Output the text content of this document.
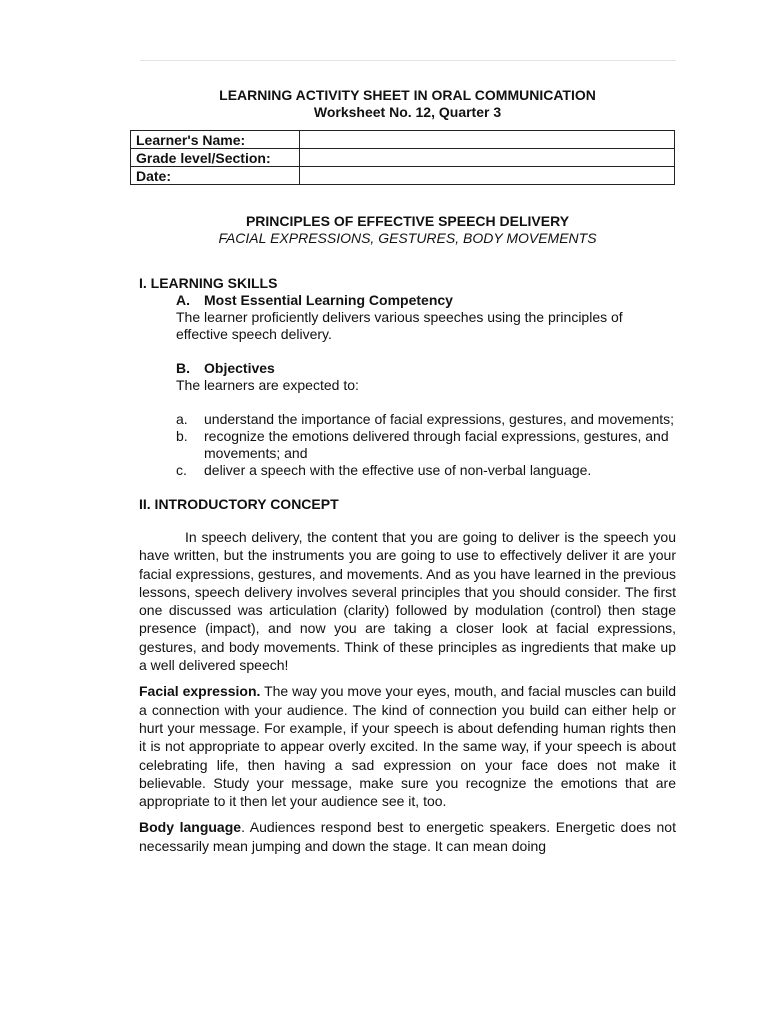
LEARNING ACTIVITY SHEET IN ORAL COMMUNICATION
Worksheet No. 12, Quarter 3
Learner's Name:	
Grade level/Section:	
Date:	
PRINCIPLES OF EFFECTIVE SPEECH DELIVERY
FACIAL EXPRESSIONS, GESTURES, BODY MOVEMENTS
I. LEARNING SKILLS
A. Most Essential Learning Competency
The learner proficiently delivers various speeches using the principles of effective speech delivery.
B. Objectives
The learners are expected to:
a.	understand the importance of facial expressions, gestures, and movements;
b.	recognize the emotions delivered through facial expressions, gestures, and movements; and
c.	deliver a speech with the effective use of non-verbal language.
II. INTRODUCTORY CONCEPT

In speech delivery, the content that you are going to deliver is the speech you have written, but the instruments you are going to use to effectively deliver it are your facial expressions, gestures, and movements. And as you have learned in the previous lessons, speech delivery involves several principles that you should consider. The first one discussed was articulation (clarity) followed by modulation (control) then stage presence (impact), and now you are taking a closer look at facial expressions, gestures, and body movements. Think of these principles as ingredients that make up a well delivered speech!

Facial expression. The way you move your eyes, mouth, and facial muscles can build a connection with your audience. The kind of connection you build can either help or hurt your message. For example, if your speech is about defending human rights then it is not appropriate to appear overly excited. In the same way, if your speech is about celebrating life, then having a sad expression on your face does not make it believable. Study your message, make sure you recognize the emotions that are appropriate to it then let your audience see it, too.

Body language. Audiences respond best to energetic speakers. Energetic does not necessarily mean jumping and down the stage. It can mean doing
